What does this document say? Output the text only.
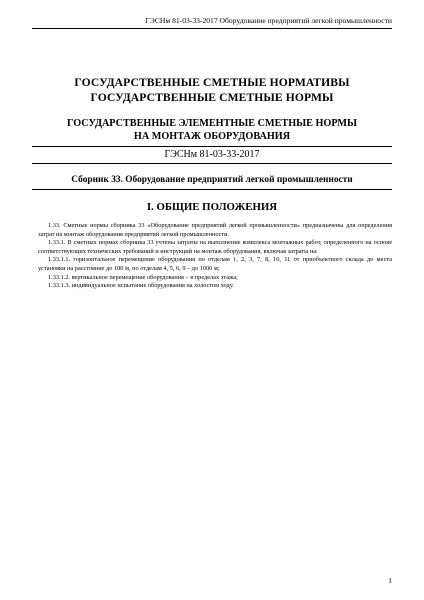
ГЭСНм 81-03-33-2017 Оборудование предприятий легкой промышленности
ГОСУДАРСТВЕННЫЕ СМЕТНЫЕ НОРМАТИВЫ
ГОСУДАРСТВЕННЫЕ СМЕТНЫЕ НОРМЫ
ГОСУДАРСТВЕННЫЕ ЭЛЕМЕНТНЫЕ СМЕТНЫЕ НОРМЫ
НА МОНТАЖ ОБОРУДОВАНИЯ
ГЭСНм 81-03-33-2017
Сборник 33. Оборудование предприятий легкой промышленности
I. ОБЩИЕ ПОЛОЖЕНИЯ

1.33. Сметные нормы сборника 33 «Оборудование предприятий легкой промышленности» предназначены для определения затрат на монтаж оборудования предприятий легкой промышленности.

1.33.1. В сметных нормах сборника 33 учтены затраты на выполнение комплекса монтажных работ, определенного на основе соответствующих технических требований и инструкций на монтаж оборудования, включая затраты на:

1.33.1.1. горизонтальное перемещение оборудования по отделам 1, 2, 3, 7, 8, 10, 11 от приобъектного склада до места установки на расстояние до 100 м, по отделам 4, 5, 6, 9 – до 1000 м;

1.33.1.2. вертикальное перемещение оборудования – в пределах этажа;

1.33.1.3. индивидуальное испытание оборудования на холостом ходу.

1
